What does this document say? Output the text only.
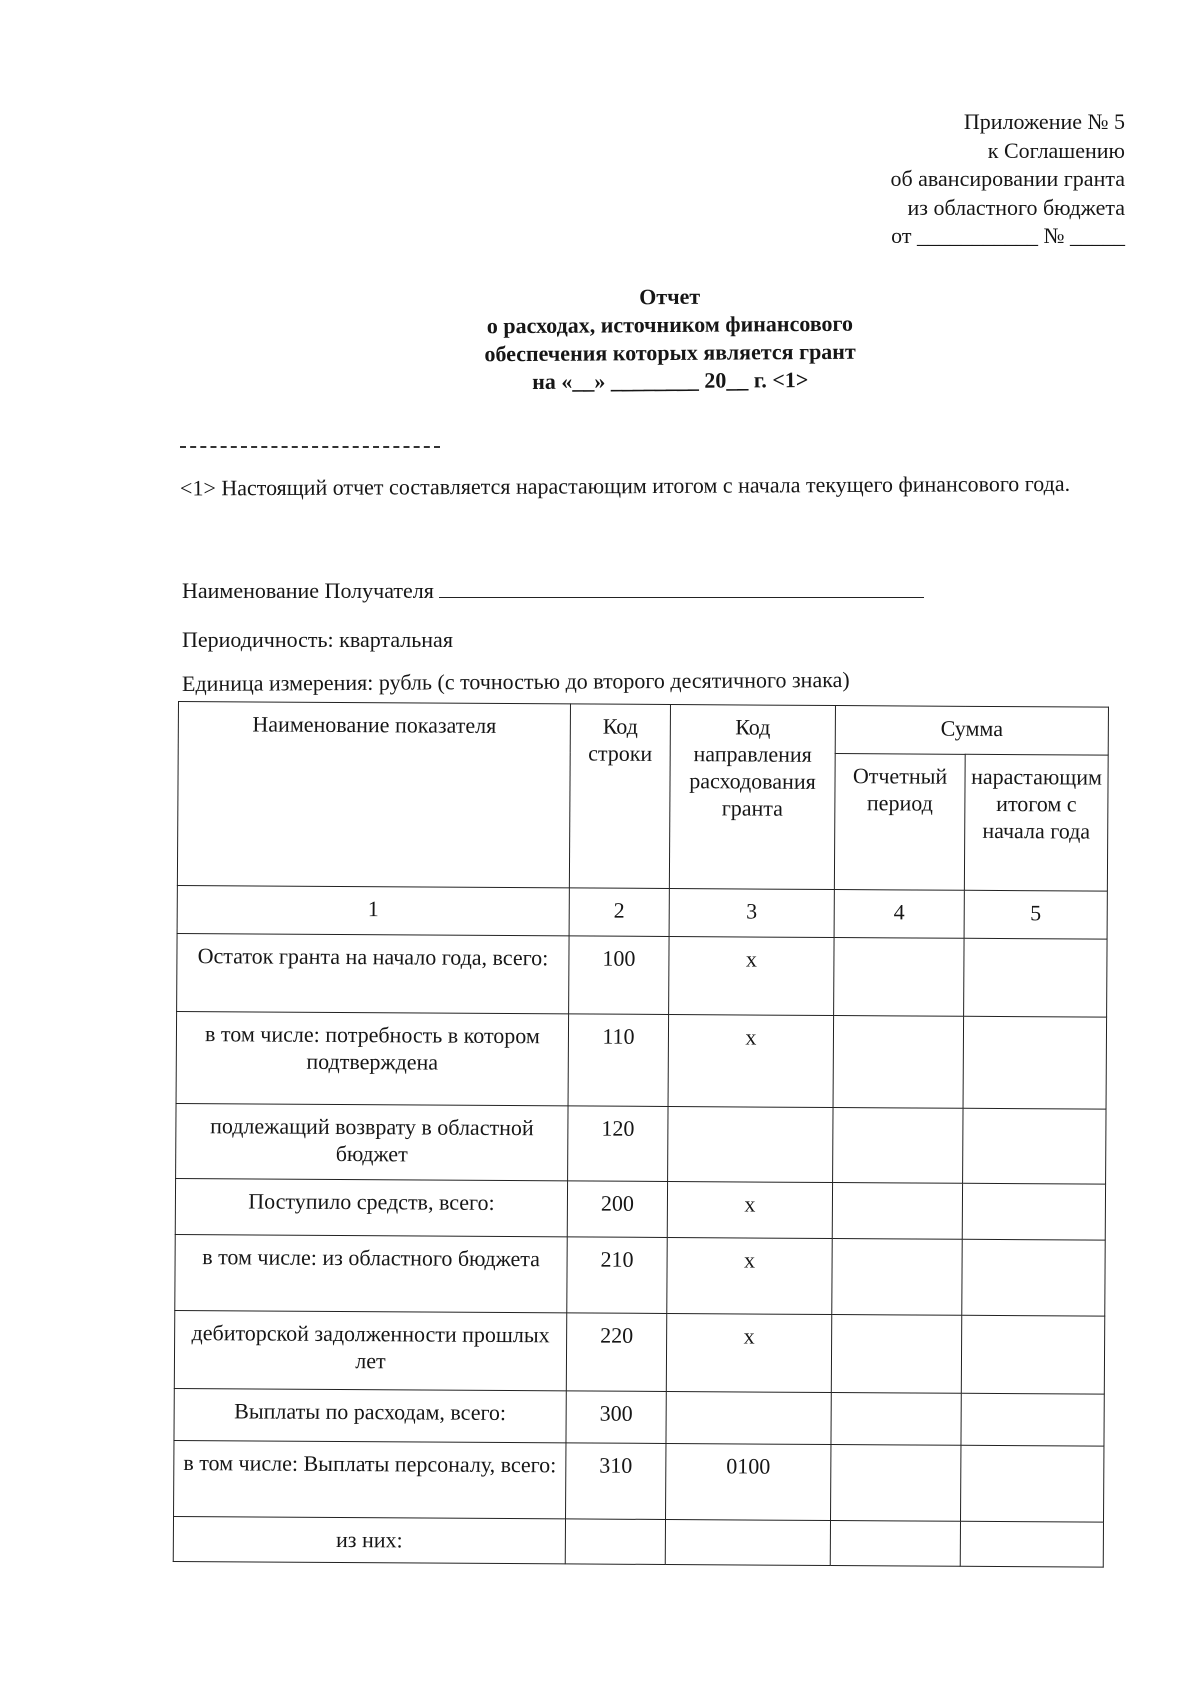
Приложение № 5
к Соглашению
об авансировании гранта
из областного бюджета
от ___________ № _____
Отчет
о расходах, источником финансового
обеспечения которых является грант
на «__» ________ 20__ г. <1>
<1> Настоящий отчет составляется нарастающим итогом с начала текущего финансового года.
Наименование Получателя
Периодичность: квартальная
Единица измерения: рубль (с точностью до второго десятичного знака)
Наименование показателя	Код строки	Код направления расходования гранта	Сумма	
			Отчетный период	нарастающим итогом с начала года
1	2	3	4	5
Остаток гранта на начало года, всего:	100	x		
в том числе: потребность в котором подтверждена	110	x		
подлежащий возврату в областной бюджет	120			
Поступило средств, всего:	200	x		
в том числе: из областного бюджета	210	x		
дебиторской задолженности прошлых лет	220	x		
Выплаты по расходам, всего:	300			
в том числе: Выплаты персоналу, всего:	310	0100		
из них:				
